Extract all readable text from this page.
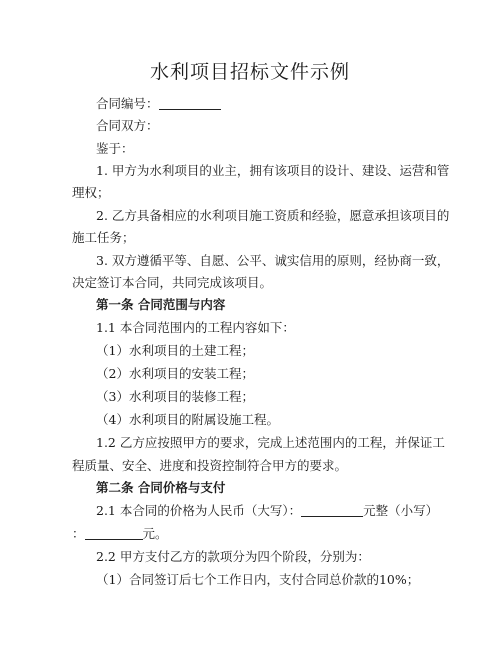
水利项目招标文件示例
合同编号：
合同双方：
鉴于：
1. 甲方为水利项目的业主，拥有该项目的设计、建设、运营和管
理权；
2. 乙方具备相应的水利项目施工资质和经验，愿意承担该项目的
施工任务；
3. 双方遵循平等、自愿、公平、诚实信用的原则，经协商一致，
决定签订本合同，共同完成该项目。
第一条 合同范围与内容
1.1 本合同范围内的工程内容如下：
（1）水利项目的土建工程；
（2）水利项目的安装工程；
（3）水利项目的装修工程；
（4）水利项目的附属设施工程。
1.2 乙方应按照甲方的要求，完成上述范围内的工程，并保证工
程质量、安全、进度和投资控制符合甲方的要求。
第二条 合同价格与支付
2.1 本合同的价格为人民币（大写）：	元整（小写）
：	元。
2.2 甲方支付乙方的款项分为四个阶段，分别为：
（1）合同签订后七个工作日内，支付合同总价款的10%；
